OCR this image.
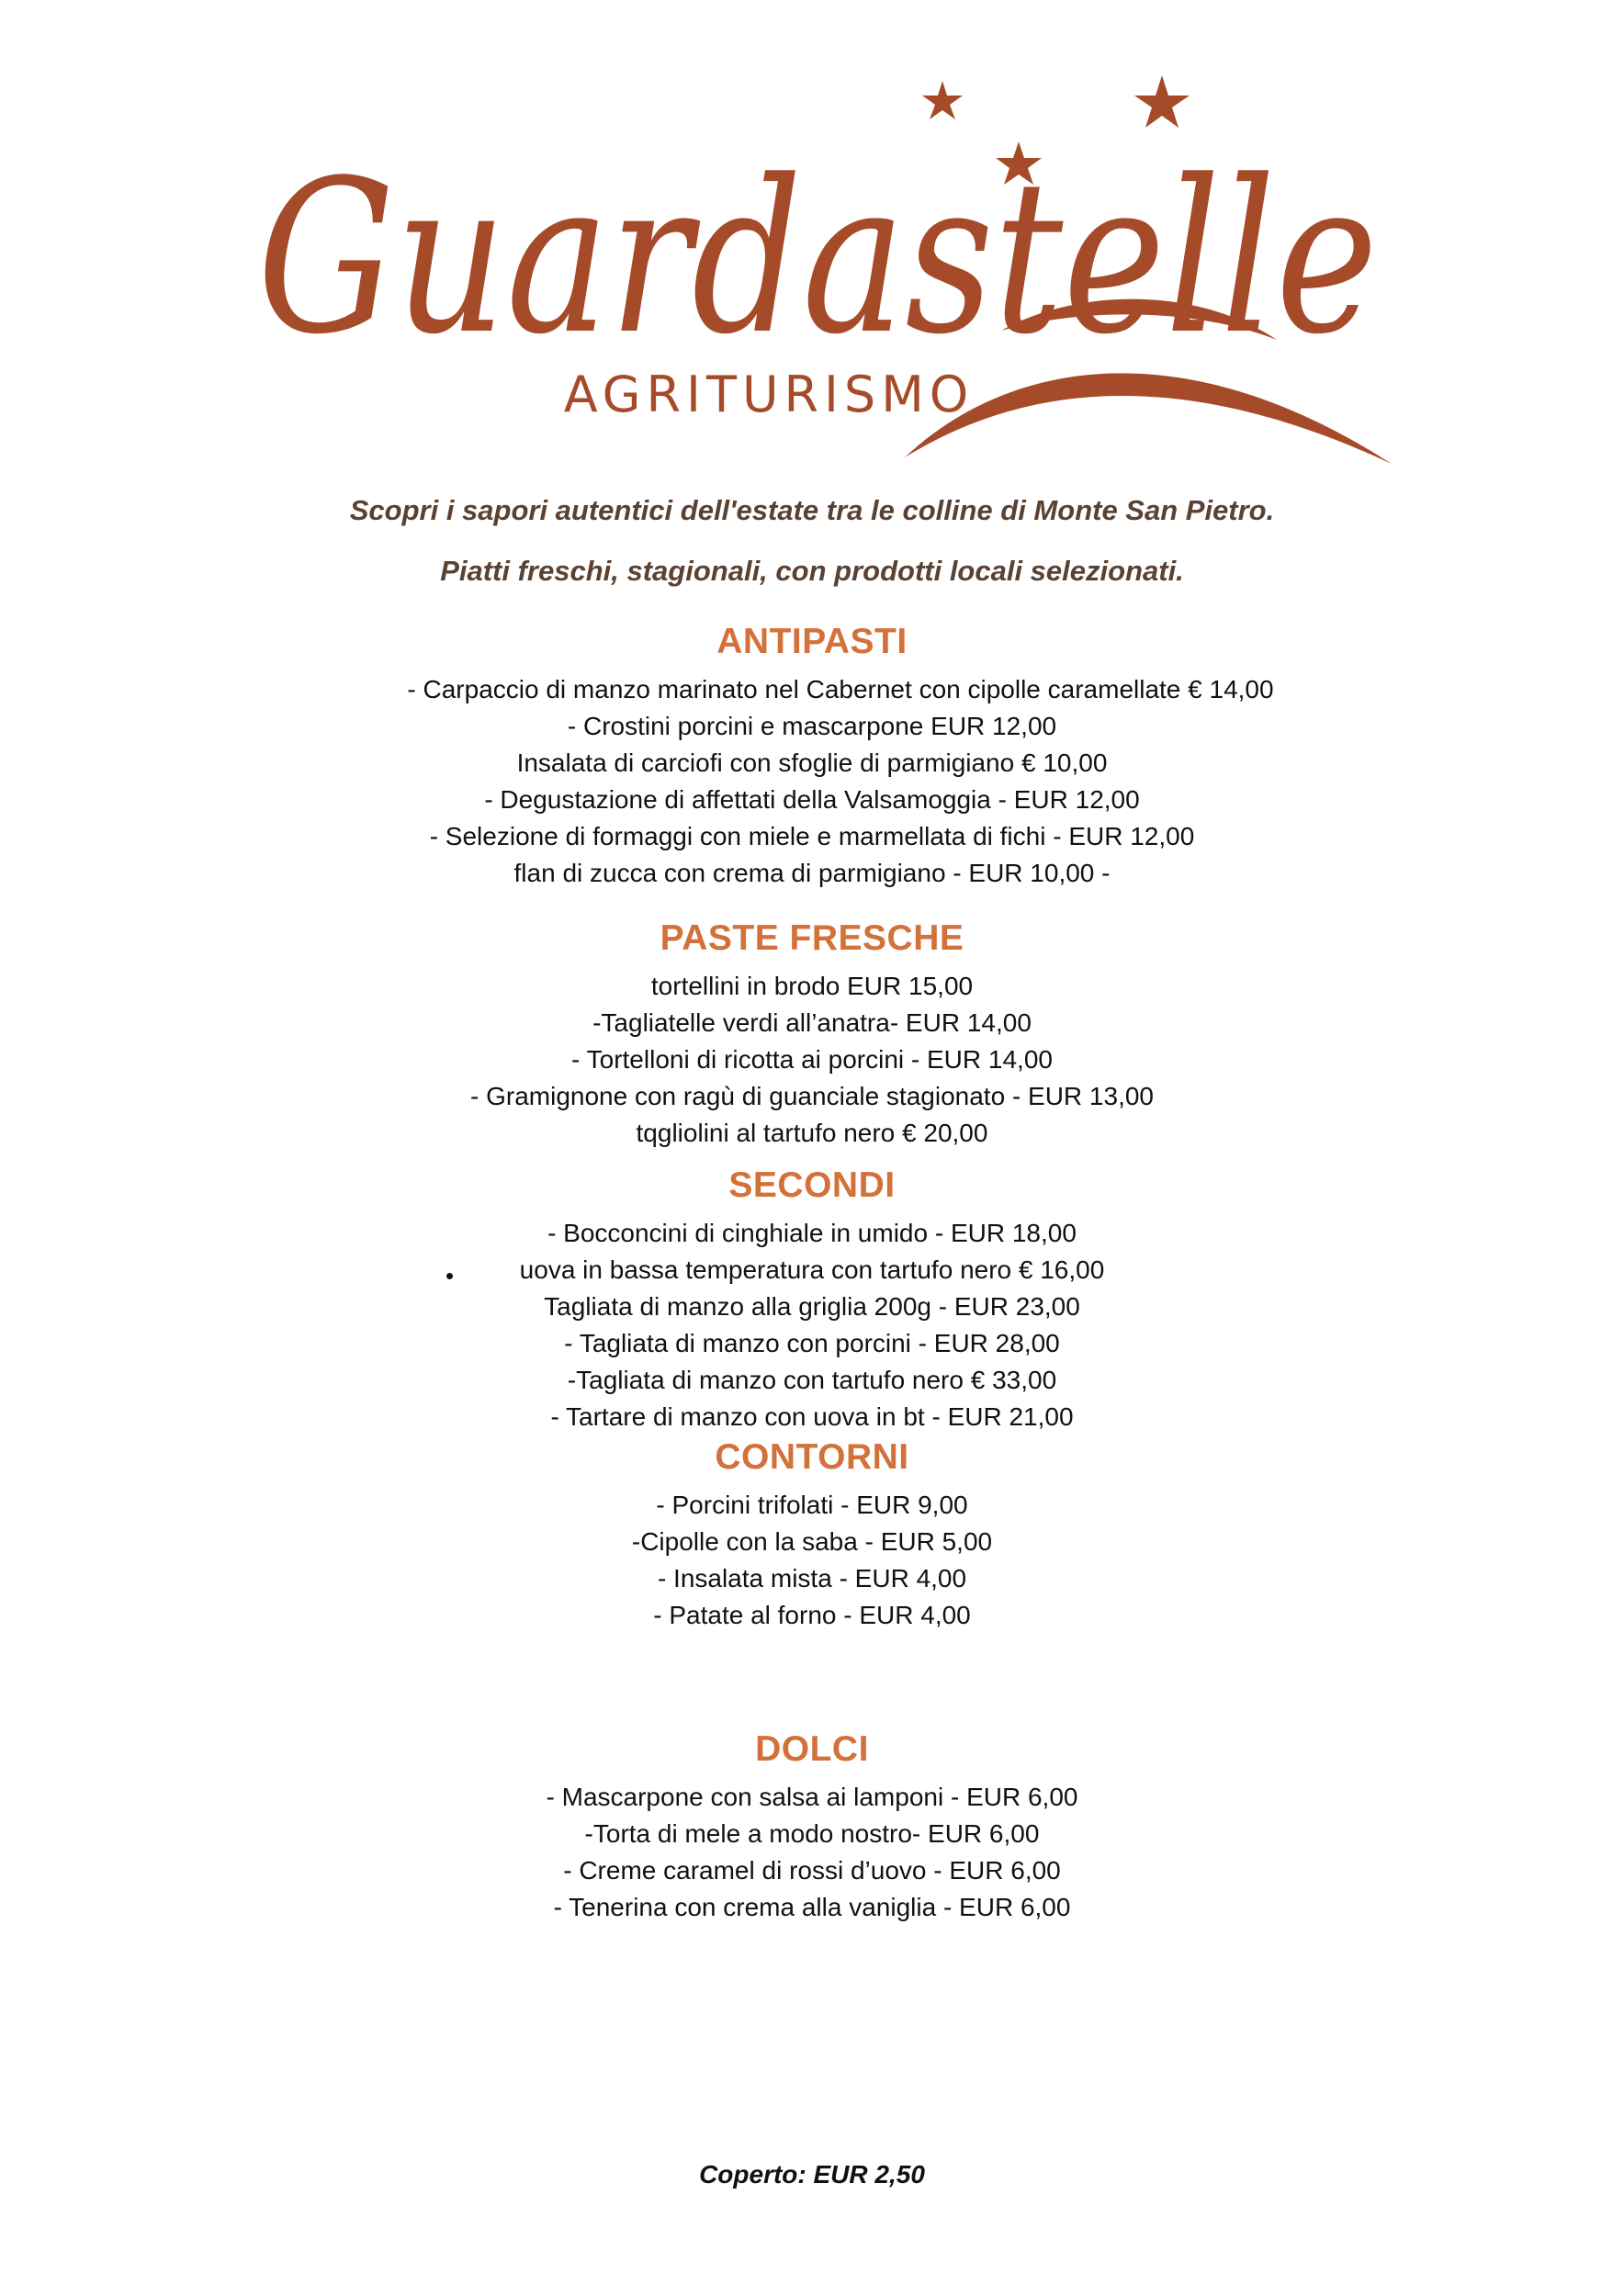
Guardastelle
AGRITURISMO

Scopri i sapori autentici dell'estate tra le colline di Monte San Pietro.

Piatti freschi, stagionali, con prodotti locali selezionati.

ANTIPASTI
- Carpaccio di manzo marinato nel Cabernet con cipolle caramellate € 14,00
- Crostini porcini e mascarpone EUR 12,00
Insalata di carciofi con sfoglie di parmigiano € 10,00
- Degustazione di affettati della Valsamoggia - EUR 12,00
- Selezione di formaggi con miele e marmellata di fichi - EUR 12,00
flan di zucca con crema di parmigiano - EUR 10,00 -
PASTE FRESCHE
tortellini in brodo EUR 15,00
-Tagliatelle verdi all’anatra- EUR 14,00
- Tortelloni di ricotta ai porcini - EUR 14,00
- Gramignone con ragù di guanciale stagionato - EUR 13,00
tqgliolini al tartufo nero € 20,00
SECONDI
- Bocconcini di cinghiale in umido - EUR 18,00
uova in bassa temperatura con tartufo nero € 16,00
Tagliata di manzo alla griglia 200g - EUR 23,00
- Tagliata di manzo con porcini - EUR 28,00
-Tagliata di manzo con tartufo nero € 33,00
- Tartare di manzo con uova in bt - EUR 21,00
CONTORNI
- Porcini trifolati - EUR 9,00
-Cipolle con la saba - EUR 5,00
- Insalata mista - EUR 4,00
- Patate al forno - EUR 4,00
DOLCI
- Mascarpone con salsa ai lamponi - EUR 6,00
-Torta di mele a modo nostro- EUR 6,00
- Creme caramel di rossi d’uovo - EUR 6,00
- Tenerina con crema alla vaniglia - EUR 6,00

Coperto: EUR 2,50
